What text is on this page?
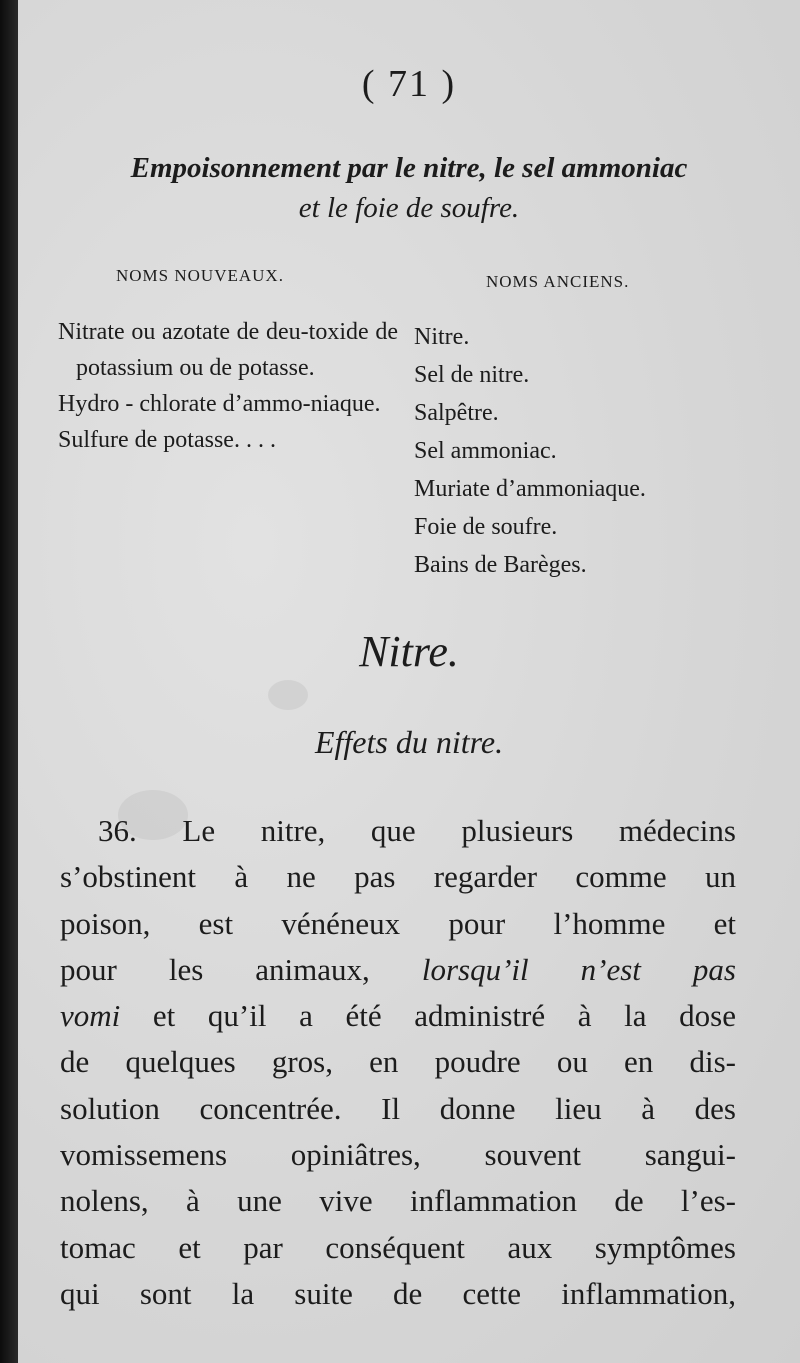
( 71 )
Empoisonnement par le nitre, le sel ammoniac
et le foie de soufre.
NOMS NOUVEAUX.	NOMS ANCIENS.
Nitrate ou azotate de deu-toxide de potassium ou de potasse.
Hydro - chlorate d’ammo-niaque.
Sulfure de potasse. . . .
Nitre.
Sel de nitre.
Salpêtre.
Sel ammoniac.
Muriate d’ammoniaque.
Foie de soufre.
Bains de Barèges.
Nitre.
Effets du nitre.
36. Le nitre, que plusieurs médecins
s’obstinent à ne pas regarder comme un
poison, est vénéneux pour l’homme et
pour les animaux, lorsqu’il n’est pas
vomi et qu’il a été administré à la dose
de quelques gros, en poudre ou en dis-
solution concentrée. Il donne lieu à des
vomissemens opiniâtres, souvent sangui-
nolens, à une vive inflammation de l’es-
tomac et par conséquent aux symptômes
qui sont la suite de cette inflammation,
